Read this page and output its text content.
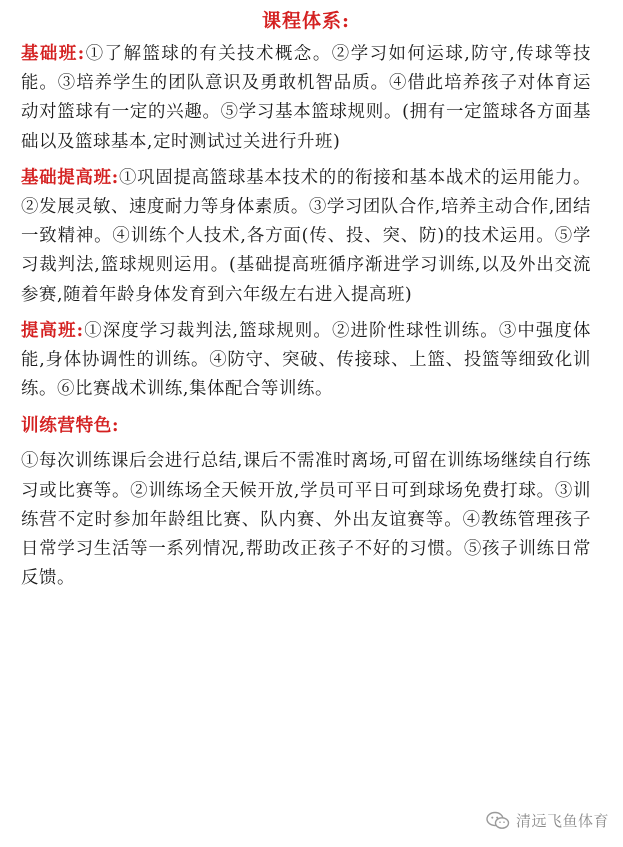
课程体系:

基础班:①了解篮球的有关技术概念。②学习如何运球,防守,传球等技能。③培养学生的团队意识及勇敢机智品质。④借此培养孩子对体育运动对篮球有一定的兴趣。⑤学习基本篮球规则。(拥有一定篮球各方面基础以及篮球基本,定时测试过关进行升班)

基础提高班:①巩固提高篮球基本技术的的衔接和基本战术的运用能力。②发展灵敏、速度耐力等身体素质。③学习团队合作,培养主动合作,团结一致精神。④训练个人技术,各方面(传、投、突、防)的技术运用。⑤学习裁判法,篮球规则运用。(基础提高班循序渐进学习训练,以及外出交流参赛,随着年龄身体发育到六年级左右进入提高班)

提高班:①深度学习裁判法,篮球规则。②进阶性球性训练。③中强度体能,身体协调性的训练。④防守、突破、传接球、上篮、投篮等细致化训练。⑥比赛战术训练,集体配合等训练。

训练营特色:

①每次训练课后会进行总结,课后不需准时离场,可留在训练场继续自行练习或比赛等。②训练场全天候开放,学员可平日可到球场免费打球。③训练营不定时参加年龄组比赛、队内赛、外出友谊赛等。④教练管理孩子日常学习生活等一系列情况,帮助改正孩子不好的习惯。⑤孩子训练日常反馈。

清远飞鱼体育
